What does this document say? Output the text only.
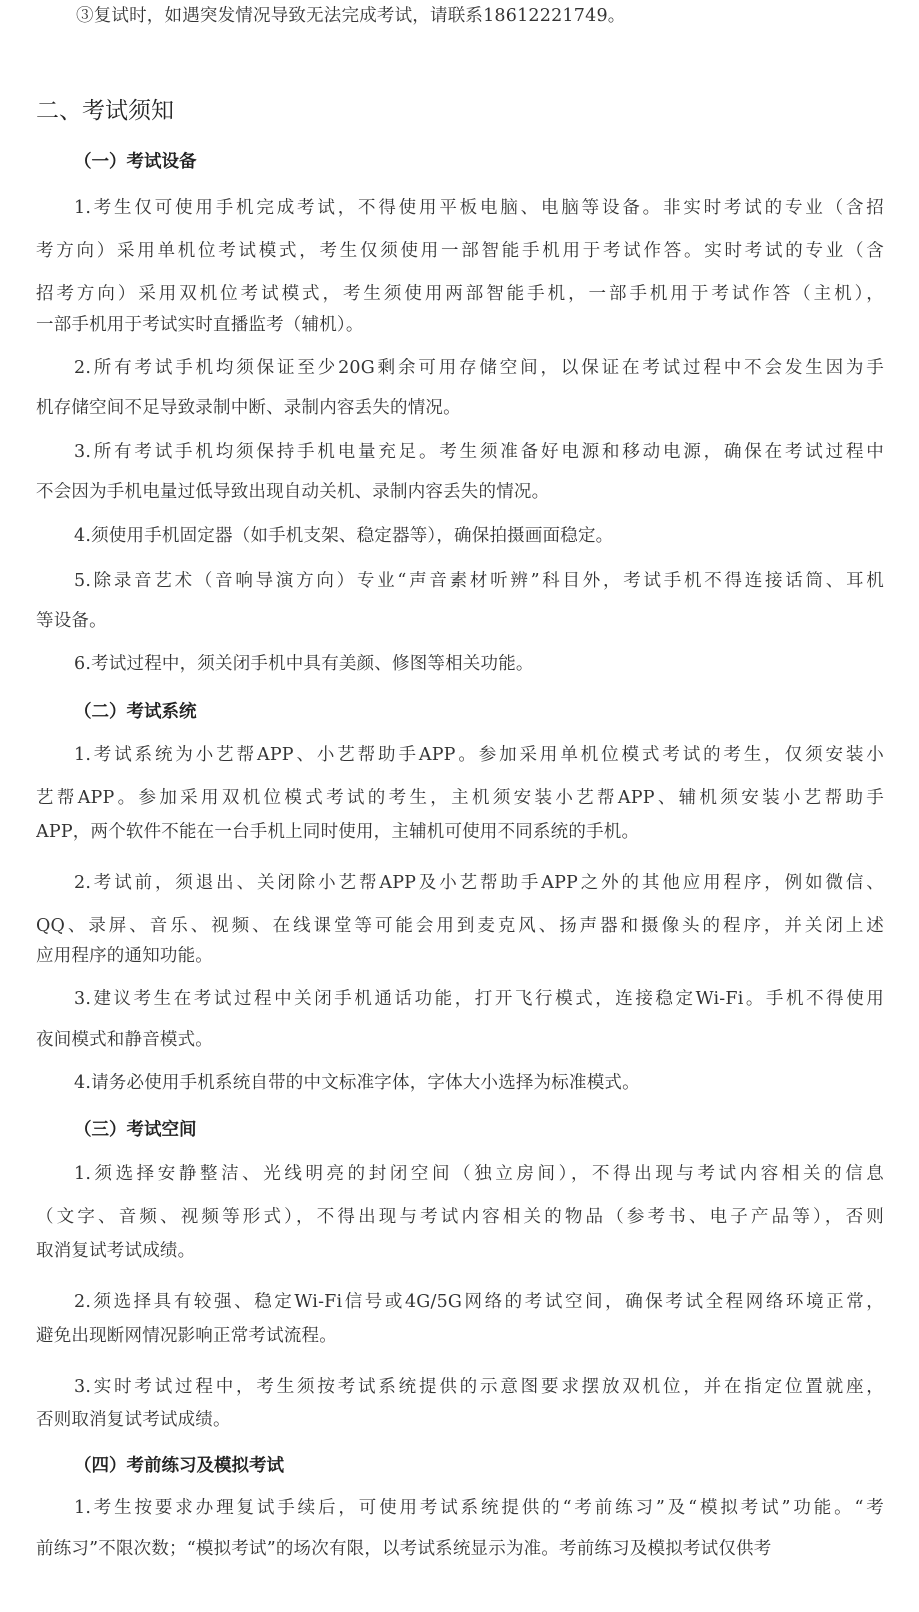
③复试时，如遇突发情况导致无法完成考试，请联系18612221749。
二、考试须知
（一）考试设备
1.考生仅可使用手机完成考试，不得使用平板电脑、电脑等设备。非实时考试的专业（含招
考方向）采用单机位考试模式，考生仅须使用一部智能手机用于考试作答。实时考试的专业（含
招考方向）采用双机位考试模式，考生须使用两部智能手机，一部手机用于考试作答（主机），
一部手机用于考试实时直播监考（辅机）。
2.所有考试手机均须保证至少20G剩余可用存储空间，以保证在考试过程中不会发生因为手
机存储空间不足导致录制中断、录制内容丢失的情况。
3.所有考试手机均须保持手机电量充足。考生须准备好电源和移动电源，确保在考试过程中
不会因为手机电量过低导致出现自动关机、录制内容丢失的情况。
4.须使用手机固定器（如手机支架、稳定器等），确保拍摄画面稳定。
5.除录音艺术（音响导演方向）专业“声音素材听辨”科目外，考试手机不得连接话筒、耳机
等设备。
6.考试过程中，须关闭手机中具有美颜、修图等相关功能。
（二）考试系统
1.考试系统为小艺帮APP、小艺帮助手APP。参加采用单机位模式考试的考生，仅须安装小
艺帮APP。参加采用双机位模式考试的考生，主机须安装小艺帮APP、辅机须安装小艺帮助手
APP，两个软件不能在一台手机上同时使用，主辅机可使用不同系统的手机。
2.考试前，须退出、关闭除小艺帮APP及小艺帮助手APP之外的其他应用程序，例如微信、
QQ、录屏、音乐、视频、在线课堂等可能会用到麦克风、扬声器和摄像头的程序，并关闭上述
应用程序的通知功能。
3.建议考生在考试过程中关闭手机通话功能，打开飞行模式，连接稳定Wi-Fi。手机不得使用
夜间模式和静音模式。
4.请务必使用手机系统自带的中文标准字体，字体大小选择为标准模式。
（三）考试空间
1.须选择安静整洁、光线明亮的封闭空间（独立房间），不得出现与考试内容相关的信息
（文字、音频、视频等形式），不得出现与考试内容相关的物品（参考书、电子产品等），否则
取消复试考试成绩。
2.须选择具有较强、稳定Wi-Fi信号或4G/5G网络的考试空间，确保考试全程网络环境正常，
避免出现断网情况影响正常考试流程。
3.实时考试过程中，考生须按考试系统提供的示意图要求摆放双机位，并在指定位置就座，
否则取消复试考试成绩。
（四）考前练习及模拟考试
1.考生按要求办理复试手续后，可使用考试系统提供的“考前练习”及“模拟考试”功能。“考
前练习”不限次数；“模拟考试”的场次有限，以考试系统显示为准。考前练习及模拟考试仅供考
